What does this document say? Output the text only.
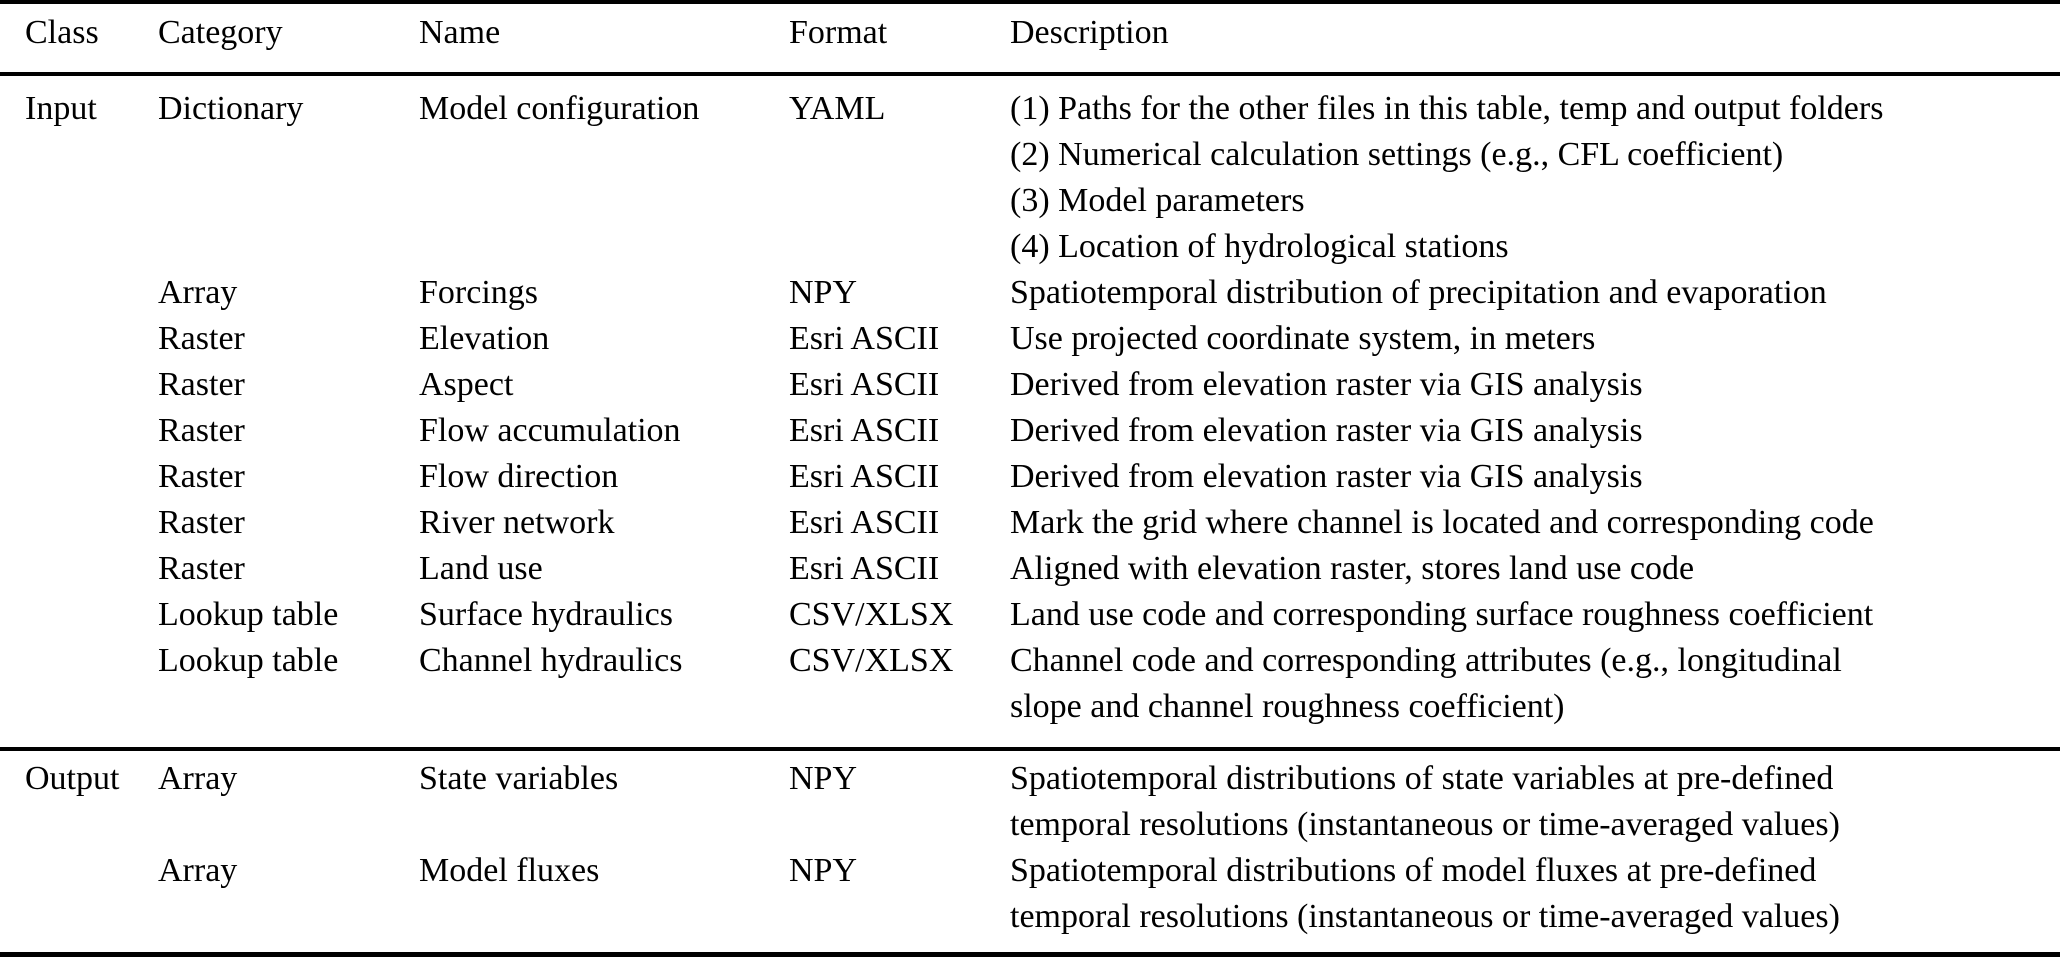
Class	Category	Name	Format	Description
Input	Dictionary	Model configuration	YAML	(1) Paths for the other files in this table, temp and output folders
(2) Numerical calculation settings (e.g., CFL coefficient)
(3) Model parameters
(4) Location of hydrological stations

	Array	Forcings	NPY	Spatiotemporal distribution of precipitation and evaporation

	Raster	Elevation	Esri ASCII	Use projected coordinate system, in meters

	Raster	Aspect	Esri ASCII	Derived from elevation raster via GIS analysis

	Raster	Flow accumulation	Esri ASCII	Derived from elevation raster via GIS analysis

	Raster	Flow direction	Esri ASCII	Derived from elevation raster via GIS analysis

	Raster	River network	Esri ASCII	Mark the grid where channel is located and corresponding code

	Raster	Land use	Esri ASCII	Aligned with elevation raster, stores land use code

	Lookup table	Surface hydraulics	CSV/XLSX	Land use code and corresponding surface roughness coefficient

	Lookup table	Channel hydraulics	CSV/XLSX	Channel code and corresponding attributes (e.g., longitudinal
slope and channel roughness coefficient)

Output	Array	State variables	NPY	Spatiotemporal distributions of state variables at pre-defined
temporal resolutions (instantaneous or time-averaged values)

	Array	Model fluxes	NPY	Spatiotemporal distributions of model fluxes at pre-defined
temporal resolutions (instantaneous or time-averaged values)
